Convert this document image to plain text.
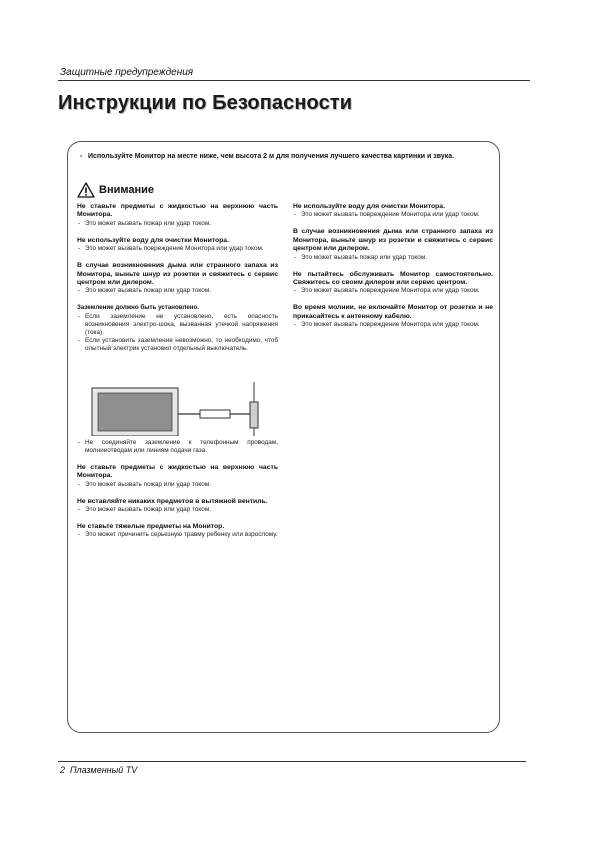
Защитные предупреждения
Инструкции по Безопасности
- Используйте Монитор на месте ниже, чем высота 2 м для получения лучшего качества картинки и звука.
Внимание

Не ставьте предметы с жидкостью на верхнюю часть Монитора.

- Это может вызвать пожар или удар током.

Не используйте воду для очистки Монитора.

- Это может вызвать повреждение Монитора или удар током.

В случае возникновения дыма или странного запаха из Монитора, выньте шнур из розетки и свяжитесь с сервис центром или дилером.

- Это может вызвать пожар или удар током.

Заземление должно быть установлено.

- Если заземление не установлено, есть опасность возникновения электро-шока, вызванная утечкой напряжения (тока).

- Если установить заземление невозможно, то необходимо, чтоб опытный электрик установил отдельный выключатель.

- Не соединяйте заземление к телефонным проводам, молниеотводам или линиям подачи газа.

Не ставьте предметы с жидкостью на верхнюю часть Монитора.

- Это может вызвать пожар или удар током.

Не вставляйте никаких предметов в вытяжной вентиль.

- Это может вызвать пожар или удар током.

Не ставьте тяжелые предметы на Монитор.

- Это может причинить серьезную травму ребенку или взрослому.

Не используйте воду для очистки Монитора.

- Это может вызвать повреждение Монитора или удар током.

В случае возникновения дыма или странного запаха из Монитора, выньте шнур из розетки и свяжитесь с сервис центром или дилером.

- Это может вызвать пожар или удар током.

Не пытайтесь обслуживать Монитор самостоятельно. Свяжитесь со своим дилером или сервис центром.

- Это может вызвать повреждение Монитора или удар током.

Во время молнии, не включайте Монитор от розетки и не прикасайтесь к антенному кабелю.

- Это может вызвать повреждение Монитора или удар током.

2 Плазменный TV
